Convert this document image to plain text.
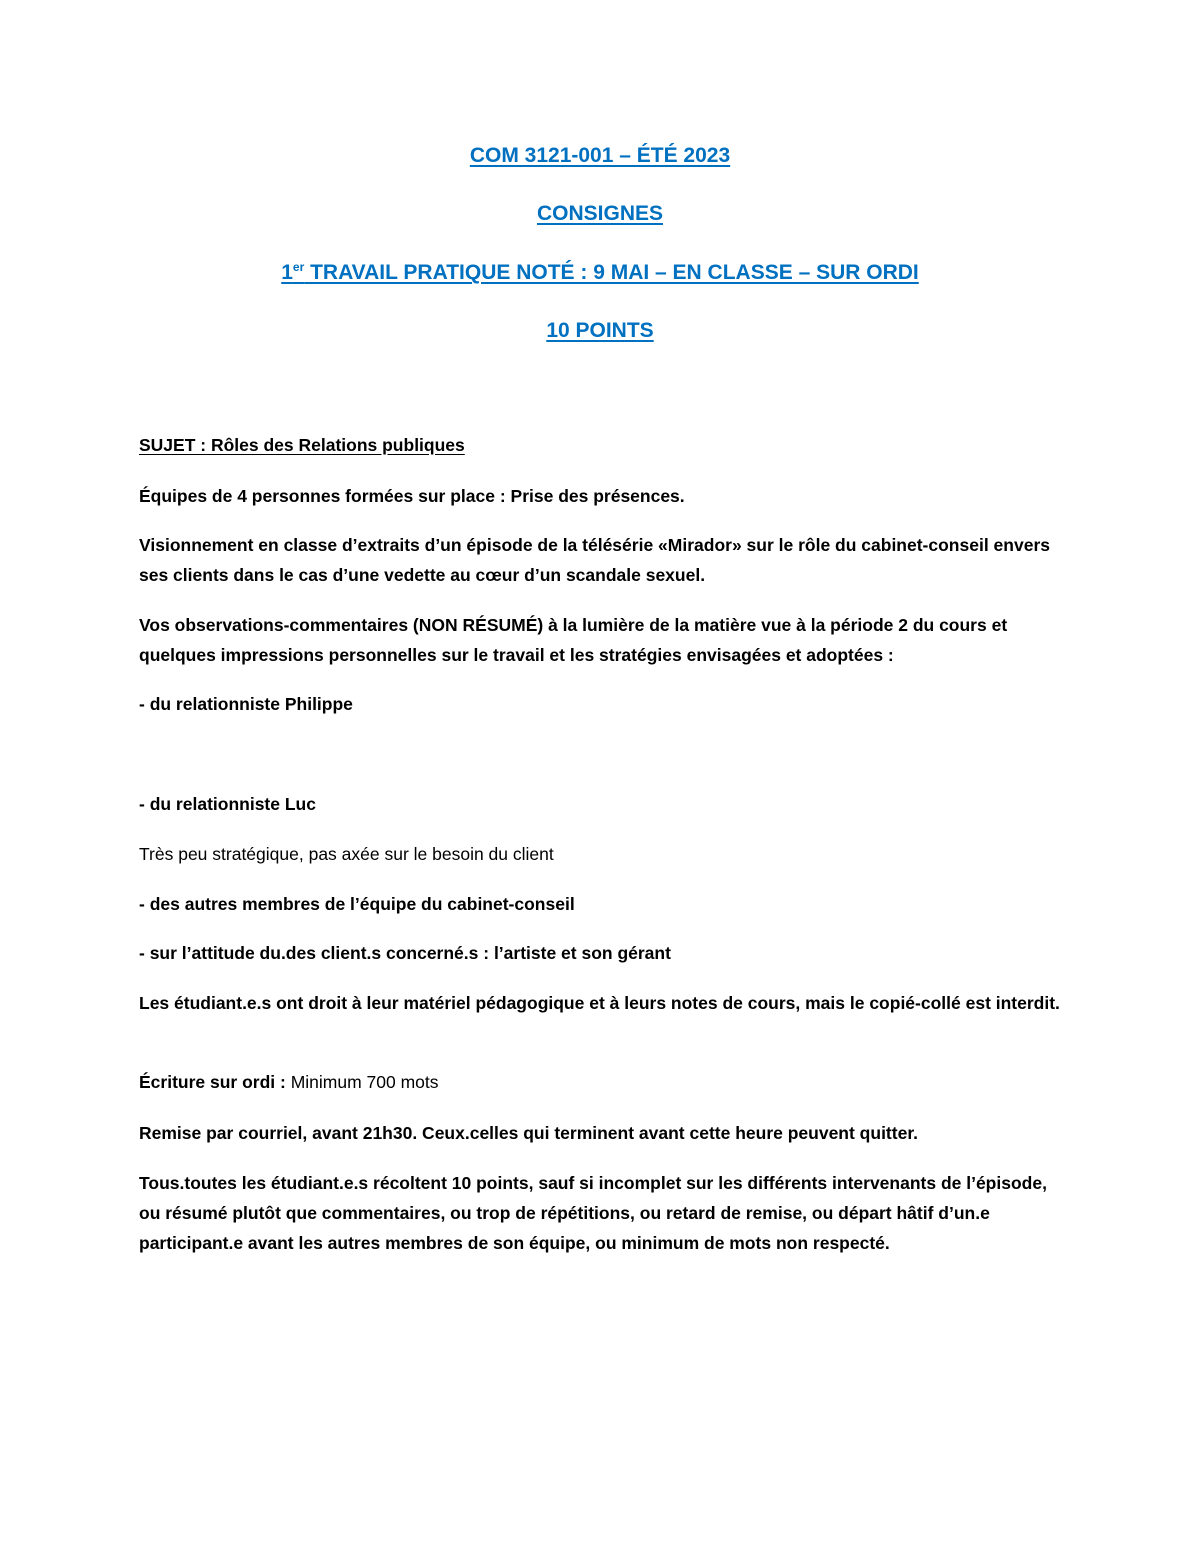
COM 3121-001 – ÉTÉ 2023
CONSIGNES
1er TRAVAIL PRATIQUE NOTÉ : 9 MAI – EN CLASSE – SUR ORDI
10 POINTS
SUJET : Rôles des Relations publiques
Équipes de 4 personnes formées sur place : Prise des présences.
Visionnement en classe d’extraits d’un épisode de la télésérie «Mirador» sur le rôle du cabinet-conseil envers ses clients dans le cas d’une vedette au cœur d’un scandale sexuel.
Vos observations-commentaires (NON RÉSUMÉ) à la lumière de la matière vue à la période 2 du cours et quelques impressions personnelles sur le travail et les stratégies envisagées et adoptées :
- du relationniste Philippe
- du relationniste Luc
Très peu stratégique, pas axée sur le besoin du client
- des autres membres de l’équipe du cabinet-conseil
- sur l’attitude du.des client.s concerné.s : l’artiste et son gérant
Les étudiant.e.s ont droit à leur matériel pédagogique et à leurs notes de cours, mais le copié-collé est interdit.
Écriture sur ordi : Minimum 700 mots
Remise par courriel, avant 21h30. Ceux.celles qui terminent avant cette heure peuvent quitter.
Tous.toutes les étudiant.e.s récoltent 10 points, sauf si incomplet sur les différents intervenants de l’épisode, ou résumé plutôt que commentaires, ou trop de répétitions, ou retard de remise, ou départ hâtif d’un.e participant.e avant les autres membres de son équipe, ou minimum de mots non respecté.
